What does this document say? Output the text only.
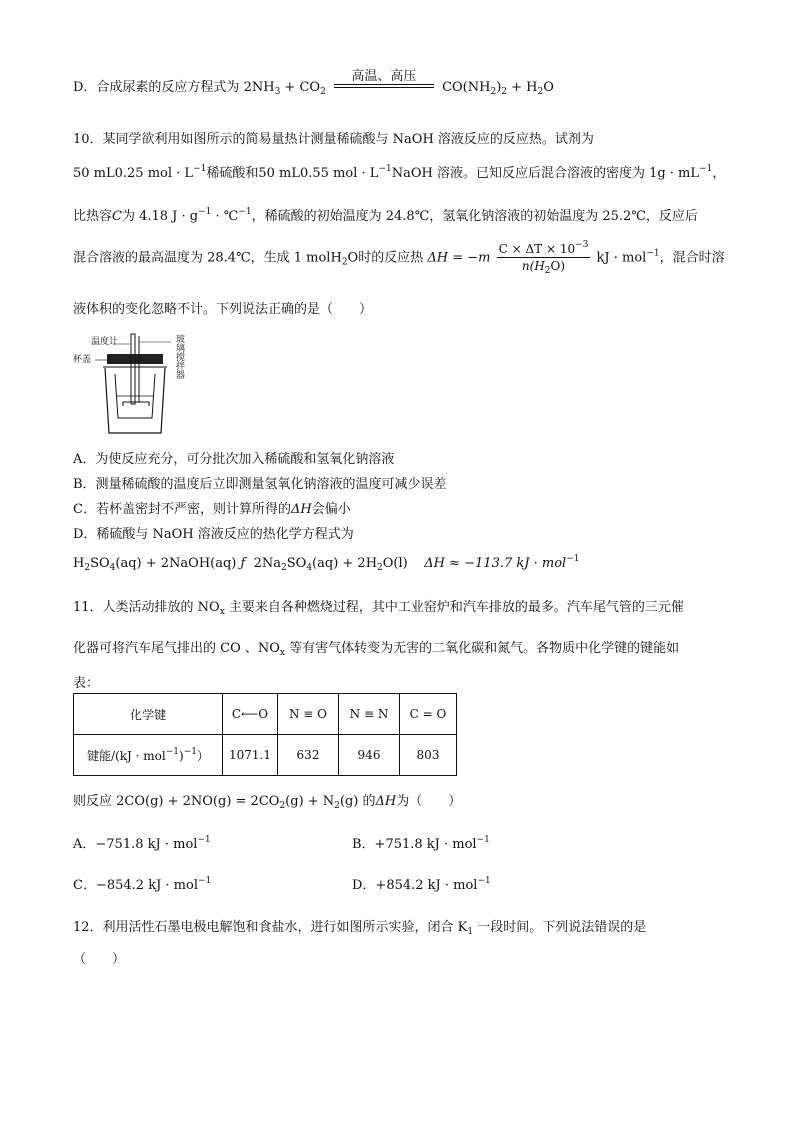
D．合成尿素的反应方程式为 $2NH_3 + CO_2$
高温、高压
$CO(NH_2)_2 + H_2O$
10．某同学欲利用如图所示的简易量热计测量稀硫酸与 NaOH 溶液反应的反应热。试剂为
50 mL0.25 mol · $L^{-1}$稀硫酸和50 mL0.55 mol · $L^{-1}NaOH$ 溶液。已知反应后混合溶液的密度为 $1g \cdot mL^{-1}$，
比热容C为 4.18 $J \cdot g^{-1}$ · ℃$^{-1}$，稀硫酸的初始温度为 24.8℃，氢氧化钠溶液的初始温度为 25.2℃，反应后
混合溶液的最高温度为 28.4℃，生成 1 molH$_2$O时的反应热 $\Delta H = -m \frac{C \times \Delta T \times 10^{-3}}{n(H_2O)}$ kJ · mol$^{-1}$，混合时溶
液体积的变化忽略不计。下列说法正确的是（　　）
温度计
杯盖	玻璃搅拌器
A．为使反应充分，可分批次加入稀硫酸和氢氧化钠溶液
B．测量稀硫酸的温度后立即测量氢氧化钠溶液的温度可减少误差
C．若杯盖密封不严密，则计算所得的ΔH会偏小
D．稀硫酸与 NaOH 溶液反应的热化学方程式为
$H_2SO_4(aq)$ + 2NaOH(aq) ƒ  $2Na_2SO_4(aq) + 2H_2O(l) \Delta H \approx -113.7$ kJ · mol$^{-1}$
11．人类活动排放的 $NO_x$ 主要来自各种燃烧过程，其中工业窑炉和汽车排放的最多。汽车尾气管的三元催
化器可将汽车尾气排出的 CO 、$NO_x$ 等有害气体转变为无害的二氧化碳和氮气。各物质中化学键的键能如
表：
化学键	C⟵O	N ≡ O	N ≡ N	C = O
键能/(kJ · mol$^{-1}$)$^{-1}$）	1071.1	632	946	803
则反应 $2CO(g) + 2NO(g) = 2CO_2(g) + N_2(g)$ 的ΔH为（　　）
A．−751.8 kJ · mol$^{-1}$	B．+751.8 kJ · mol$^{-1}$
C．−854.2 kJ · mol$^{-1}$	D．+854.2 kJ · mol$^{-1}$
12．利用活性石墨电极电解饱和食盐水，进行如图所示实验，闭合 $K_1$ 一段时间。下列说法错误的是
（　　）
